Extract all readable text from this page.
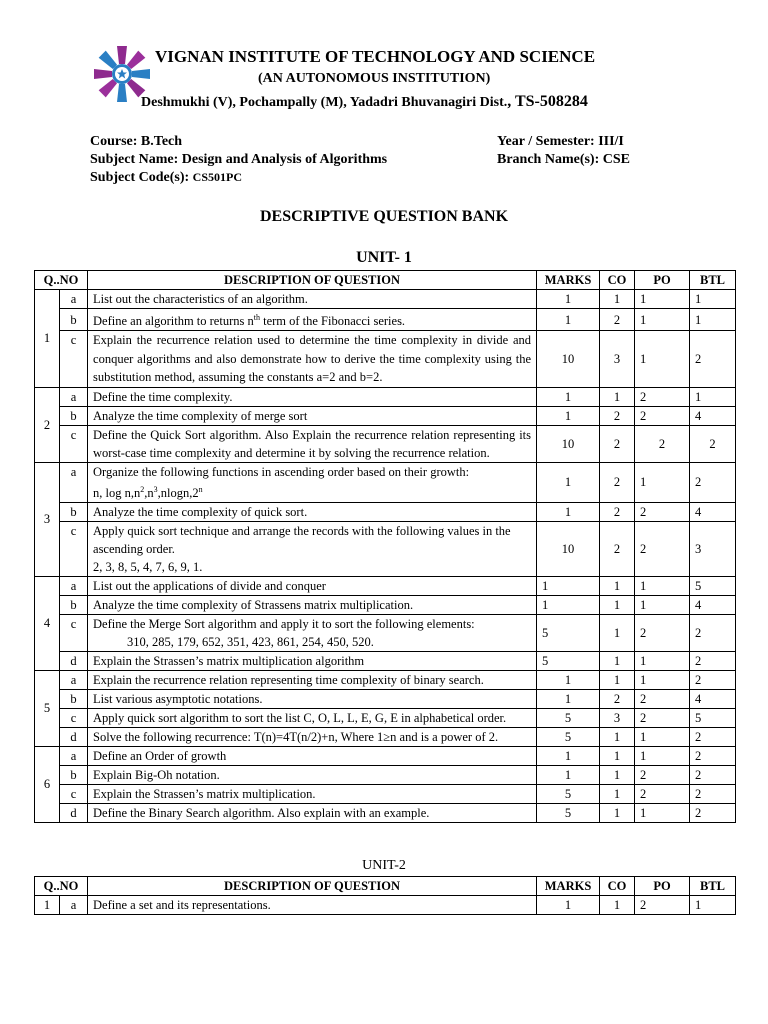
VIGNAN INSTITUTE OF TECHNOLOGY AND SCIENCE
(AN AUTONOMOUS INSTITUTION)
Deshmukhi (V), Pochampally (M), Yadadri Bhuvanagiri Dist., TS-508284
Course: B.Tech
Subject Name: Design and Analysis of Algorithms
Subject Code(s): CS501PC
Year / Semester: III/I
Branch Name(s): CSE
DESCRIPTIVE QUESTION BANK
UNIT- 1
Q..NO		DESCRIPTION OF QUESTION	MARKS	CO	PO	BTL
1	a	List out the characteristics of an algorithm.	1	1	1	1
	b	Define an algorithm to returns $n^{th}$ term of the Fibonacci series.	1	2	1	1
	c	Explain the recurrence relation used to determine the time complexity in divide and conquer algorithms and also demonstrate how to derive the time complexity using the substitution method, assuming the constants a=2 and b=2.	10	3	1	2
2	a	Define the time complexity.	1	1	2	1
	b	Analyze the time complexity of merge sort	1	2	2	4
	c	Define the Quick Sort algorithm. Also Explain the recurrence relation representing its worst-case time complexity and determine it by solving the recurrence relation.	10	2	2	2
3	a	Organize the following functions in ascending order based on their growth:
n, $\log n,n^2,n^3,nlogn,2^n$	1	2	1	2
	b	Analyze the time complexity of quick sort.	1	2	2	4
	c	Apply quick sort technique and arrange the records with the following values in the ascending order.
2, 3, 8, 5, 4, 7, 6, 9, 1.	10	2	2	3
4	a	List out the applications of divide and conquer	1	1	1	5
	b	Analyze the time complexity of Strassens matrix multiplication.	1	1	1	4
	c	Define the Merge Sort algorithm and apply it to sort the following elements:
310, 285, 179, 652, 351, 423, 861, 254, 450, 520.	5	1	2	2
	d	Explain the Strassen’s matrix multiplication algorithm	5	1	1	2
5	a	Explain the recurrence relation representing time complexity of binary search.	1	1	1	2
	b	List various asymptotic notations.	1	2	2	4
	c	Apply quick sort algorithm to sort the list C, O, L, L, E, G, E in alphabetical order.	5	3	2	5
	d	Solve the following recurrence: T(n)=4T(n/2)+n, Where 1≥n and is a power of 2.	5	1	1	2
6	a	Define an Order of growth	1	1	1	2
	b	Explain Big-Oh notation.	1	1	2	2
	c	Explain the Strassen’s matrix multiplication.	5	1	2	2
	d	Define the Binary Search algorithm. Also explain with an example.	5	1	1	2
UNIT-2
Q..NO		DESCRIPTION OF QUESTION	MARKS	CO	PO	BTL
1	a	Define a set and its representations.	1	1	2	1
